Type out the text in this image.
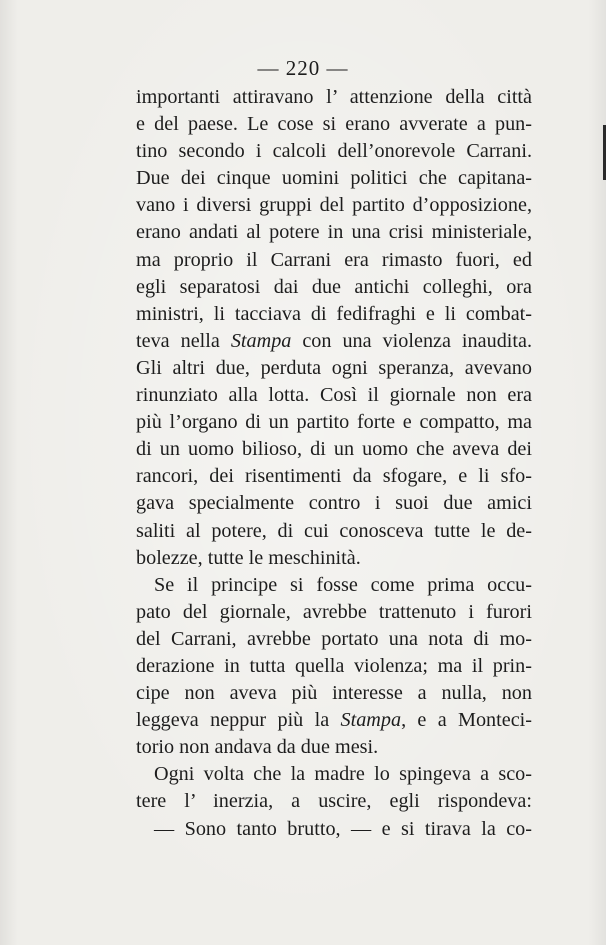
— 220 —

importanti attiravano l’ attenzione della città
e del paese. Le cose si erano avverate a pun-
tino secondo i calcoli dell’onorevole Carrani.
Due dei cinque uomini politici che capitana-
vano i diversi gruppi del partito d’opposizione,
erano andati al potere in una crisi ministeriale,
ma proprio il Carrani era rimasto fuori, ed
egli separatosi dai due antichi colleghi, ora
ministri, li tacciava di fedifraghi e li combat-
teva nella Stampa con una violenza inaudita.
Gli altri due, perduta ogni speranza, avevano
rinunziato alla lotta. Così il giornale non era
più l’organo di un partito forte e compatto, ma
di un uomo bilioso, di un uomo che aveva dei
rancori, dei risentimenti da sfogare, e li sfo-
gava specialmente contro i suoi due amici
saliti al potere, di cui conosceva tutte le de-
bolezze, tutte le meschinità.

Se il principe si fosse come prima occu-
pato del giornale, avrebbe trattenuto i furori
del Carrani, avrebbe portato una nota di mo-
derazione in tutta quella violenza; ma il prin-
cipe non aveva più interesse a nulla, non
leggeva neppur più la Stampa, e a Monteci-
torio non andava da due mesi.

Ogni volta che la madre lo spingeva a sco-
tere l’ inerzia, a uscire, egli rispondeva:

— Sono tanto brutto, — e si tirava la co-
